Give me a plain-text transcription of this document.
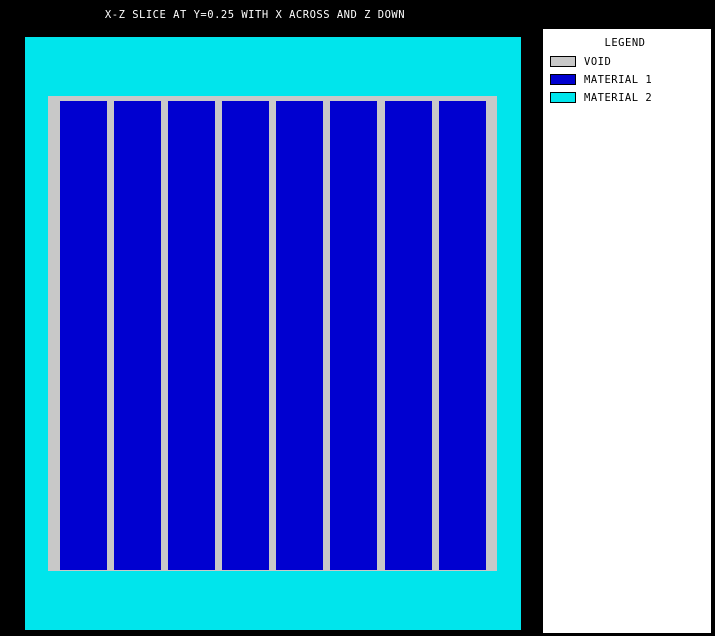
X-Z SLICE AT Y=0.25 WITH X ACROSS AND Z DOWN
LEGEND
VOID
MATERIAL 1
MATERIAL 2
